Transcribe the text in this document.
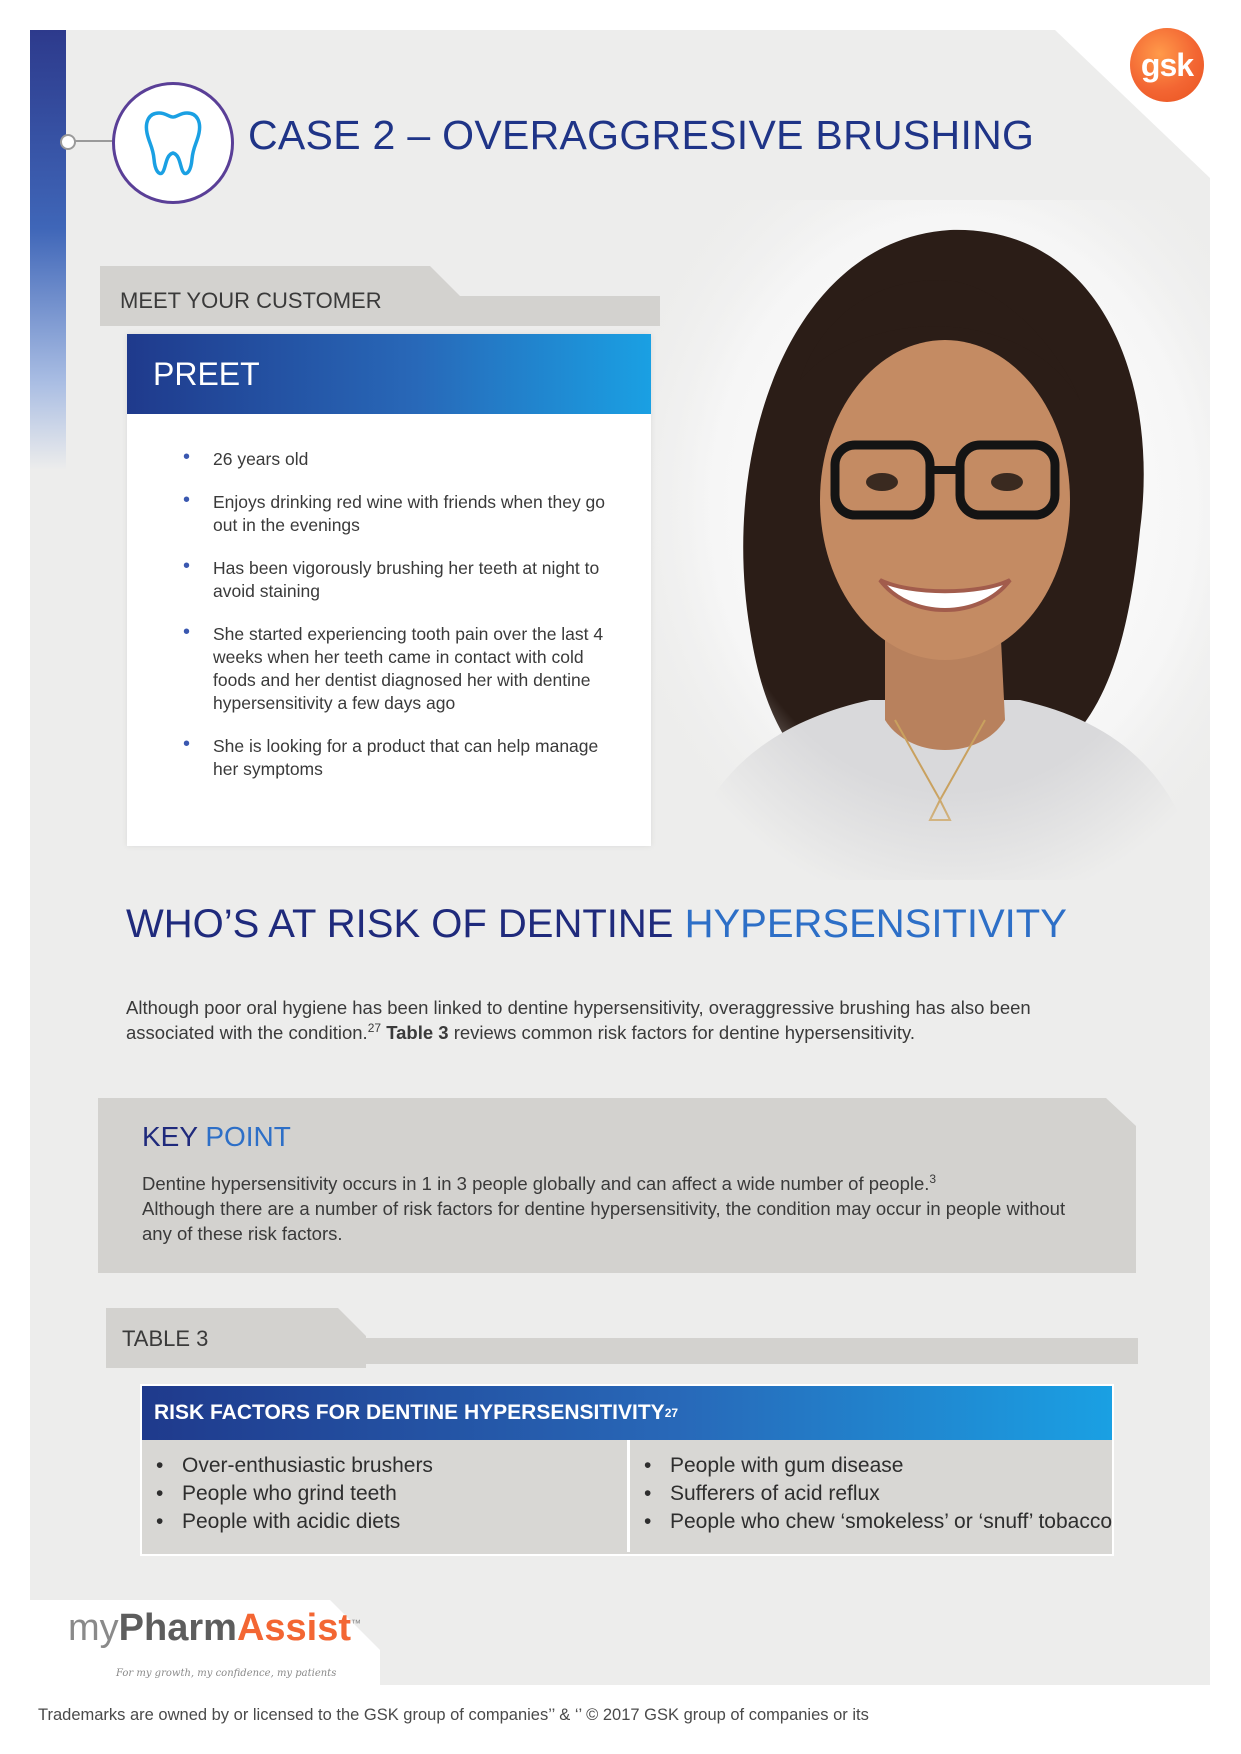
gsk
CASE 2 – OVERAGGRESIVE BRUSHING

MEET YOUR CUSTOMER

PREET
• 26 years old
• Enjoys drinking red wine with friends when they go out in the evenings
• Has been vigorously brushing her teeth at night to avoid staining
• She started experiencing tooth pain over the last 4 weeks when her teeth came in contact with cold foods and her dentist diagnosed her with dentine hypersensitivity a few days ago
• She is looking for a product that can help manage her symptoms
WHO’S AT RISK OF DENTINE HYPERSENSITIVITY

Although poor oral hygiene has been linked to dentine hypersensitivity, overaggressive brushing has also been associated with the condition.$^{27}$ Table 3 reviews common risk factors for dentine hypersensitivity.

KEY POINT

Dentine hypersensitivity occurs in 1 in 3 people globally and can affect a wide number of people.$^3$
Although there are a number of risk factors for dentine hypersensitivity, the condition may occur in people without any of these risk factors.

TABLE 3

RISK FACTORS FOR DENTINE HYPERSENSITIVITY 27
• Over-enthusiastic brushers
• People who grind teeth
• People with acidic diets
• People with gum disease
• Sufferers of acid reflux
• People who chew ‘smokeless’ or ‘snuff’ tobacco

myPharmAssist™

For my growth, my confidence, my patients

Trademarks are owned by or licensed to the GSK group of companies’’ & ‘’ © 2017 GSK group of companies or its
